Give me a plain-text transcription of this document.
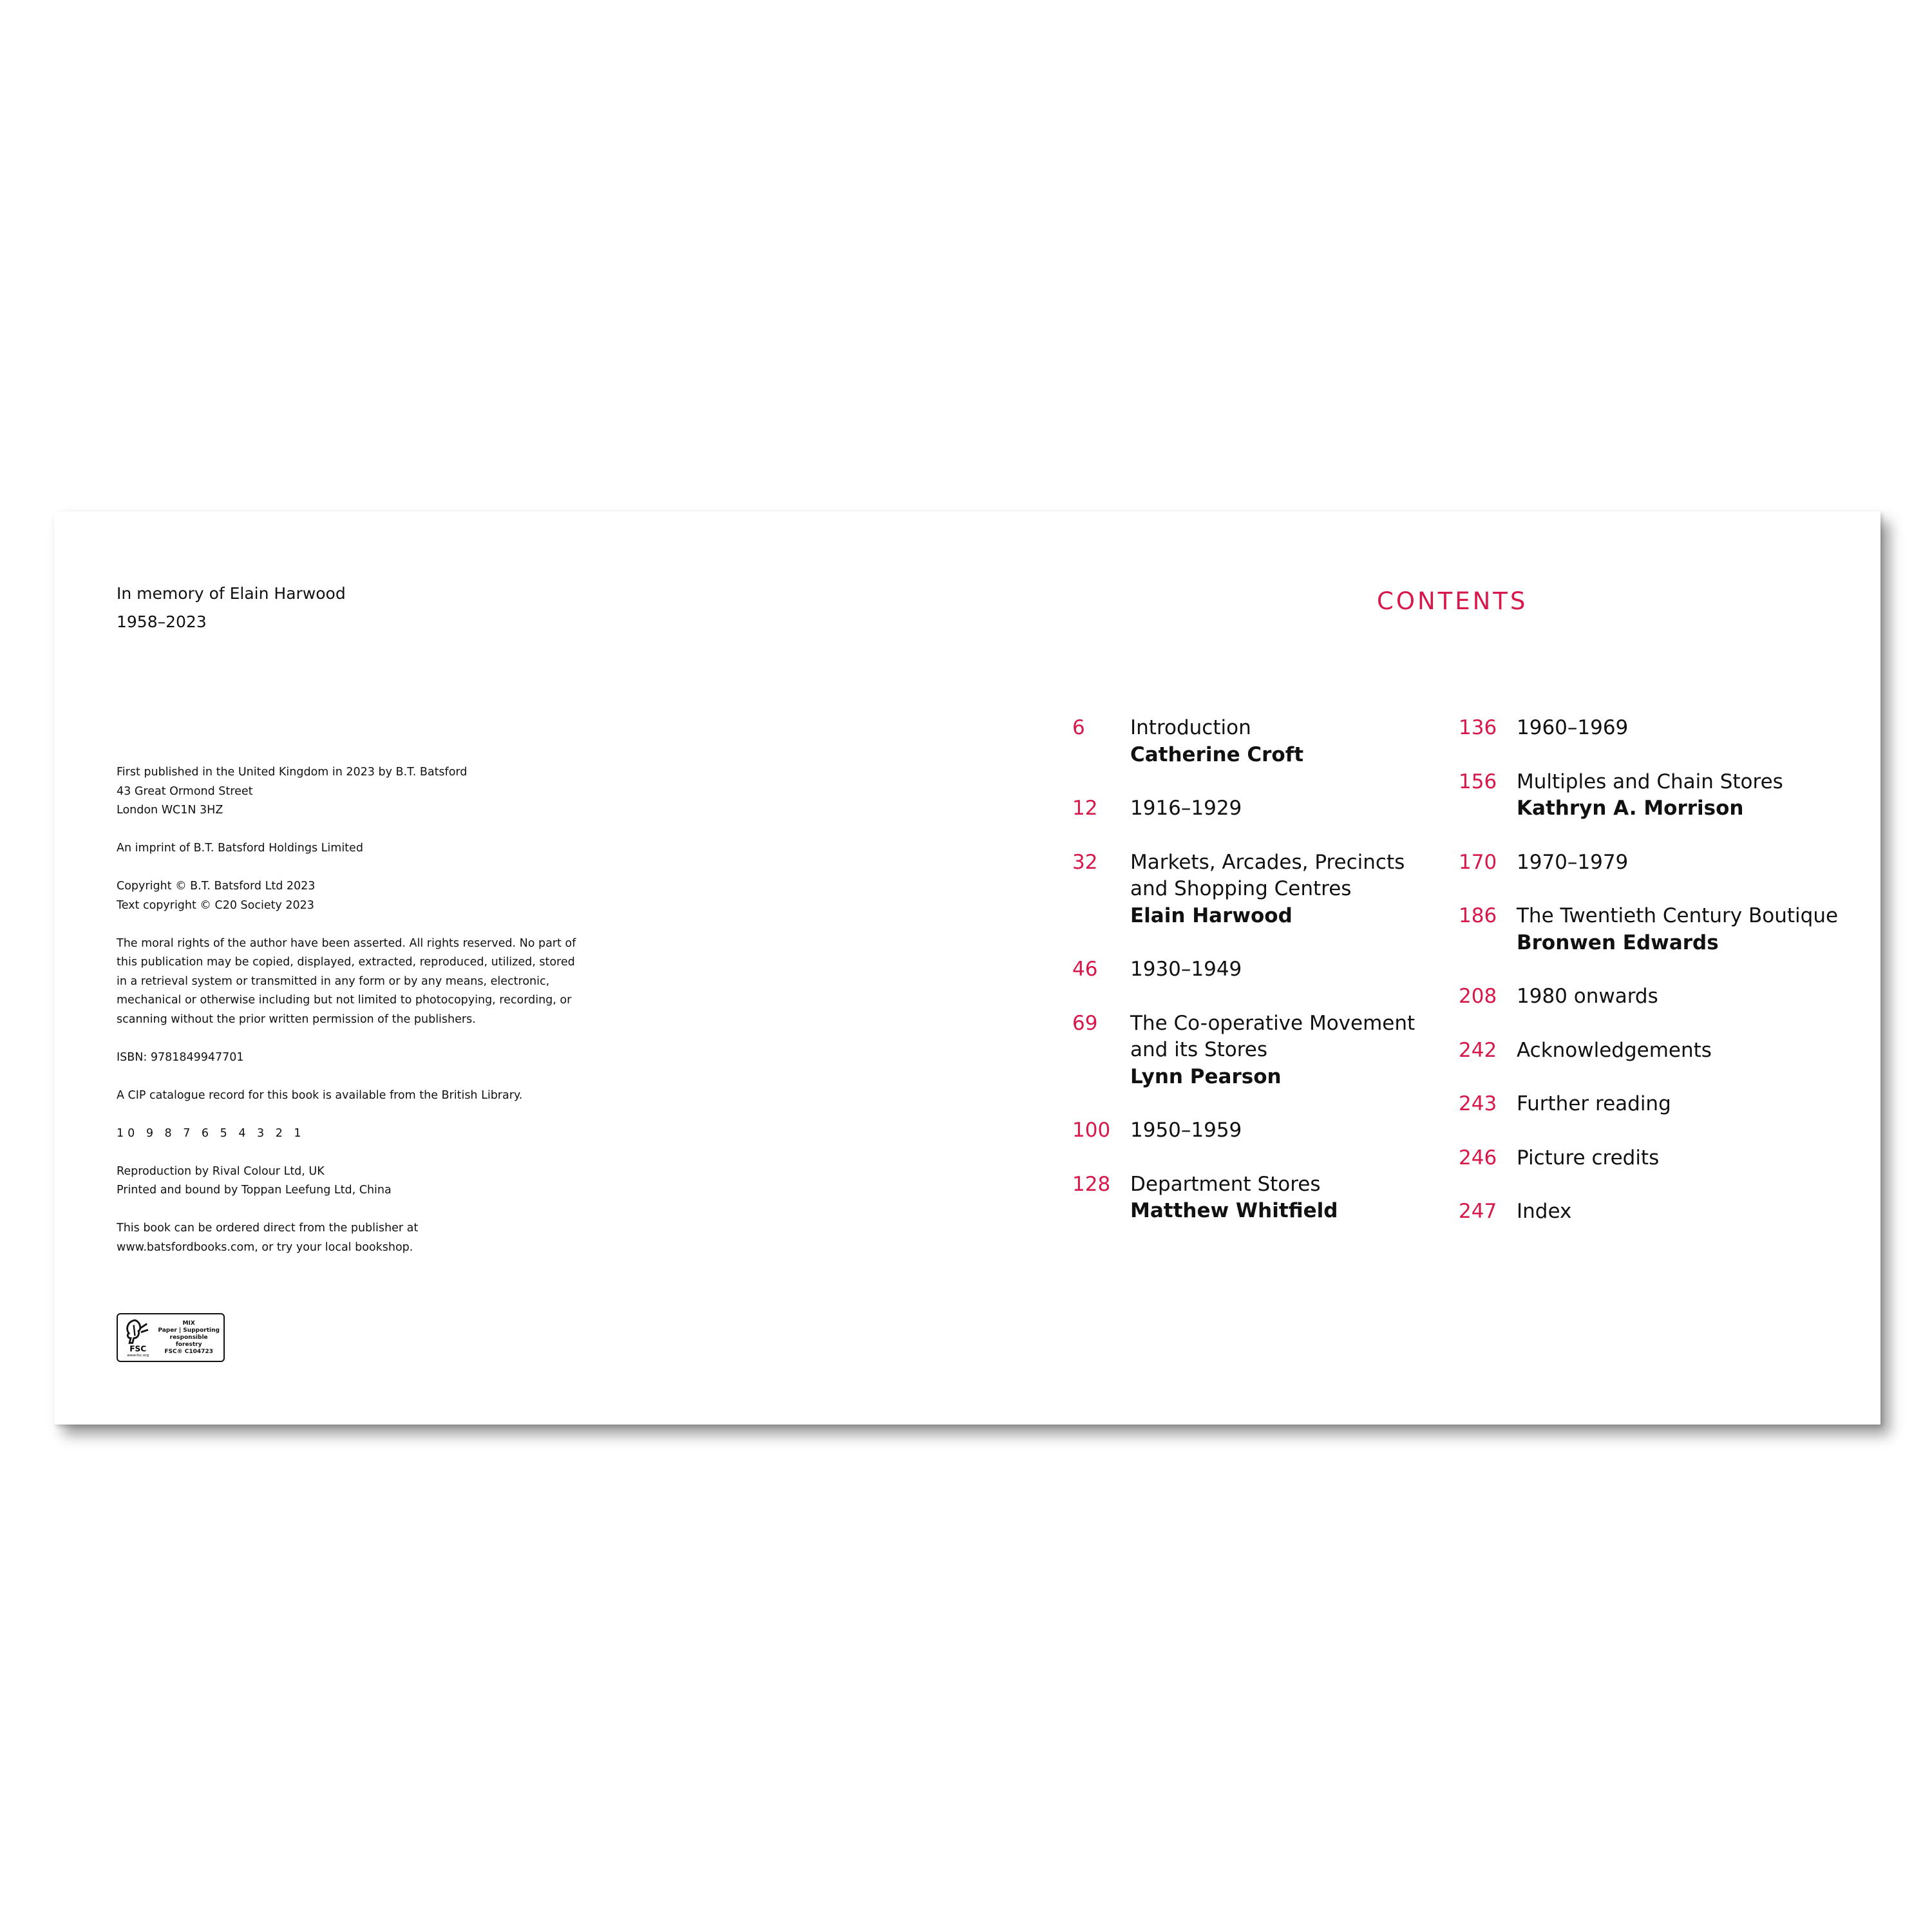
In memory of Elain Harwood
1958–2023
First published in the United Kingdom in 2023 by B.T. Batsford
43 Great Ormond Street
London WC1N 3HZ
An imprint of B.T. Batsford Holdings Limited
Copyright © B.T. Batsford Ltd 2023
Text copyright © C20 Society 2023
The moral rights of the author have been asserted. All rights reserved. No part of
this publication may be copied, displayed, extracted, reproduced, utilized, stored
in a retrieval system or transmitted in any form or by any means, electronic,
mechanical or otherwise including but not limited to photocopying, recording, or
scanning without the prior written permission of the publishers.
ISBN: 9781849947701
A CIP catalogue record for this book is available from the British Library.
10 9 8 7 6 5 4 3 2 1
Reproduction by Rival Colour Ltd, UK
Printed and bound by Toppan Leefung Ltd, China
This book can be ordered direct from the publisher at
www.batsfordbooks.com, or try your local bookshop.
FSC
www.fsc.org
MIX
Paper | Supporting
responsible forestry
FSC® C104723
CONTENTS
6 Introduction
Catherine Croft
12 1916–1929
32 Markets, Arcades, Precincts
and Shopping Centres
Elain Harwood
46 1930–1949
69 The Co-operative Movement
and its Stores
Lynn Pearson
100 1950–1959
128 Department Stores
Matthew Whitfield
136 1960–1969
156 Multiples and Chain Stores
Kathryn A. Morrison
170 1970–1979
186 The Twentieth Century Boutique
Bronwen Edwards
208 1980 onwards
242 Acknowledgements
243 Further reading
246 Picture credits
247 Index
